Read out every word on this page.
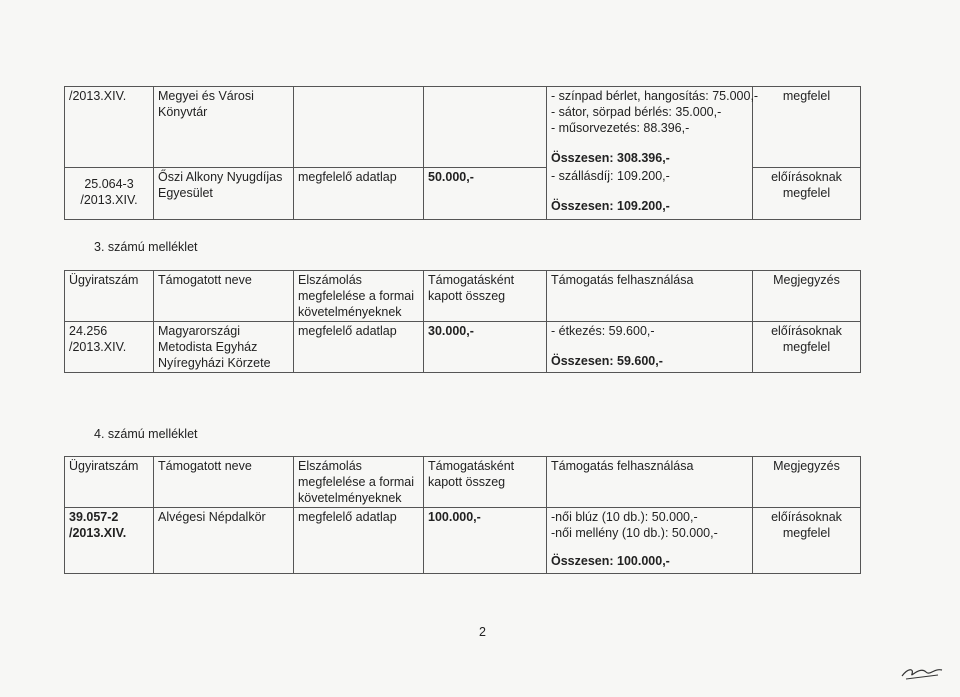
/2013.XIV.	Megyei és Városi
Könyvtár			- színpad bérlet, hangosítás: 75.000,-
- sátor, sörpad bérlés: 35.000,-
- műsorvezetés: 88.396,-
Összesen: 308.396,-	megfelel

25.064-3
/2013.XIV.	Őszi Alkony Nyugdíjas
Egyesület	megfelelő adatlap	50.000,-	- szállásdíj: 109.200,-
Összesen: 109.200,-	előírásoknak
megfelel
3. számú melléklet
Ügyiratszám	Támogatott neve	Elszámolás
megfelelése a formai
követelményeknek	Támogatásként
kapott összeg	Támogatás felhasználása	Megjegyzés

24.256
/2013.XIV.	Magyarországi
Metodista Egyház
Nyíregyházi Körzete	megfelelő adatlap	30.000,-	- étkezés: 59.600,-
Összesen: 59.600,-	előírásoknak
megfelel
4. számú melléklet
Ügyiratszám	Támogatott neve	Elszámolás
megfelelése a formai
követelményeknek	Támogatásként
kapott összeg	Támogatás felhasználása	Megjegyzés

39.057-2
/2013.XIV.	Alvégesi Népdalkör	megfelelő adatlap	100.000,-	-női blúz (10 db.): 50.000,-
-női mellény (10 db.): 50.000,-
Összesen: 100.000,-	előírásoknak
megfelel
2
